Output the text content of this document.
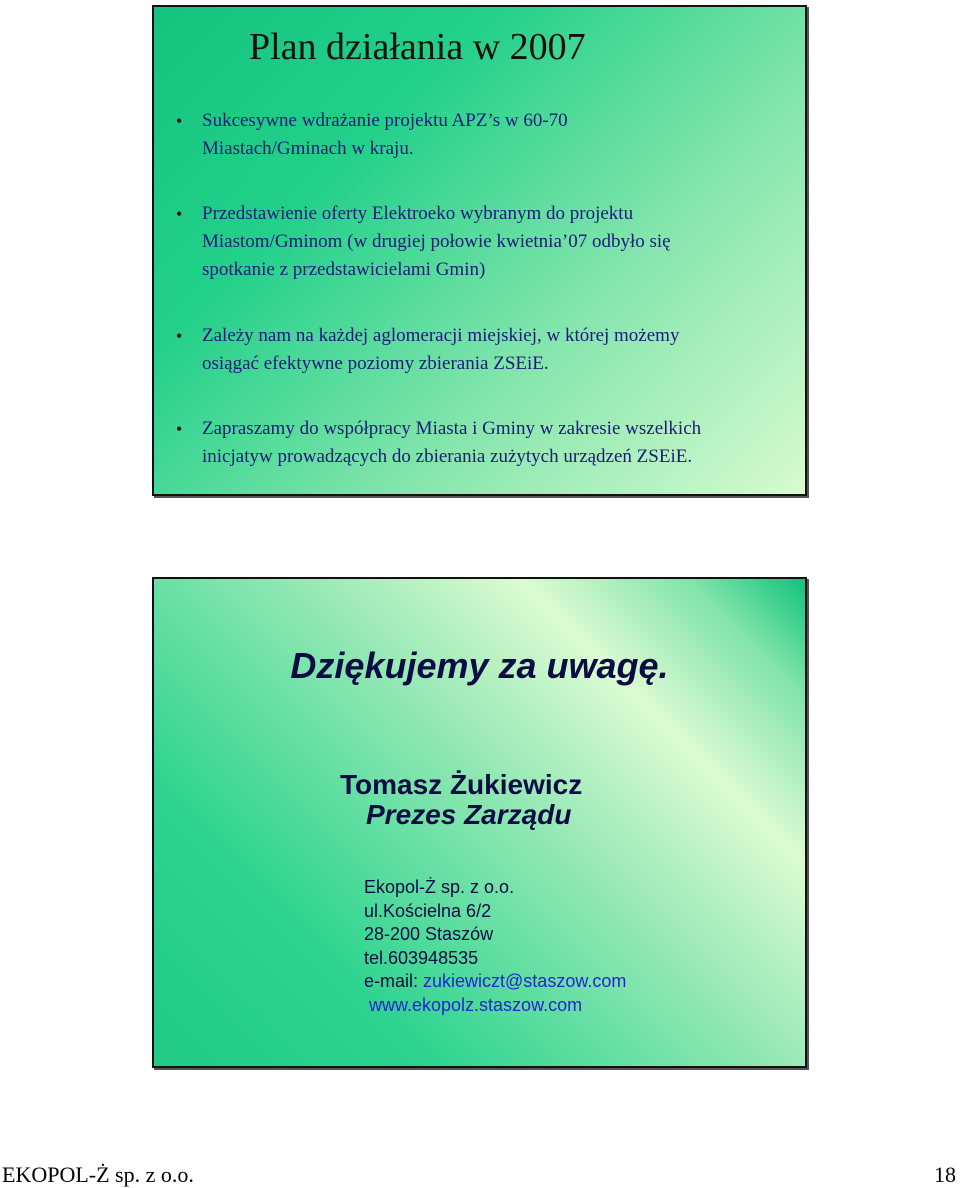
Plan działania w 2007
• Sukcesywne wdrażanie projektu APZ’s w 60-70
Miastach/Gminach w kraju.
• Przedstawienie oferty Elektroeko wybranym do projektu
Miastom/Gminom (w drugiej połowie kwietnia’07 odbyło się
spotkanie z przedstawicielami Gmin)
• Zależy nam na każdej aglomeracji miejskiej, w której możemy
osiągać efektywne poziomy zbierania ZSEiE.
• Zapraszamy do współpracy Miasta i Gminy w zakresie wszelkich
inicjatyw prowadzących do zbierania zużytych urządzeń ZSEiE.
Dziękujemy za uwagę.
Tomasz Żukiewicz
Prezes Zarządu
Ekopol-Ż sp. z o.o.
ul.Kościelna 6/2
28-200 Staszów
tel.603948535
e-mail: zukiewiczt@staszow.com
www.ekopolz.staszow.com
EKOPOL-Ż sp. z o.o.	18
